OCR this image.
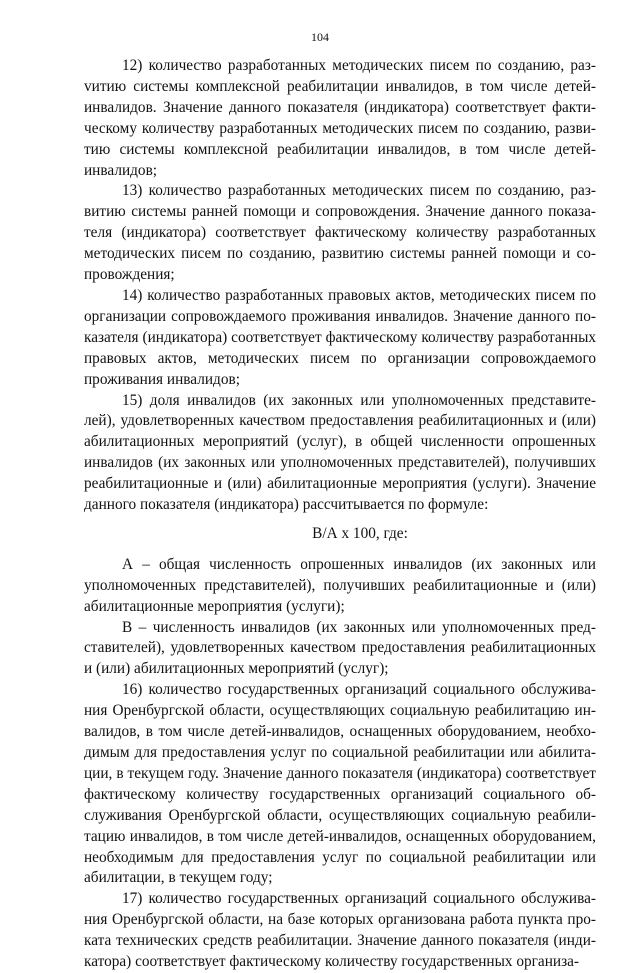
104

12) количество разработанных методических писем по созданию, разvитию системы комплексной реабилитации инвалидов, в том числе детей-инвалидов. Значение данного показателя (индикатора) соответствует фактическому количеству разработанных методических писем по созданию, развитию системы комплексной реабилитации инвалидов, в том числе детей-инвалидов;

13) количество разработанных методических писем по созданию, развитию системы ранней помощи и сопровождения. Значение данного показателя (индикатора) соответствует фактическому количеству разработанных методических писем по созданию, развитию системы ранней помощи и сопровождения;

14) количество разработанных правовых актов, методических писем по организации сопровождаемого проживания инвалидов. Значение данного показателя (индикатора) соответствует фактическому количеству разработанных правовых актов, методических писем по организации сопровождаемого проживания инвалидов;

15) доля инвалидов (их законных или уполномоченных представителей), удовлетворенных качеством предоставления реабилитационных и (или) абилитационных мероприятий (услуг), в общей численности опрошенных инвалидов (их законных или уполномоченных представителей), получивших реабилитационные и (или) абилитационные мероприятия (услуги). Значение данного показателя (индикатора) рассчитывается по формуле:

В/А х 100, где:

А – общая численность опрошенных инвалидов (их законных или уполномоченных представителей), получивших реабилитационные и (или) абилитационные мероприятия (услуги);

В – численность инвалидов (их законных или уполномоченных представителей), удовлетворенных качеством предоставления реабилитационных и (или) абилитационных мероприятий (услуг);

16) количество государственных организаций социального обслуживания Оренбургской области, осуществляющих социальную реабилитацию инвалидов, в том числе детей-инвалидов, оснащенных оборудованием, необходимым для предоставления услуг по социальной реабилитации или абилитации, в текущем году. Значение данного показателя (индикатора) соответствует фактическому количеству государственных организаций социального обслуживания Оренбургской области, осуществляющих социальную реабилитацию инвалидов, в том числе детей-инвалидов, оснащенных оборудованием, необходимым для предоставления услуг по социальной реабилитации или абилитации, в текущем году;

17) количество государственных организаций социального обслуживания Оренбургской области, на базе которых организована работа пункта проката технических средств реабилитации. Значение данного показателя (индикатора) соответствует фактическому количеству государственных организа-
